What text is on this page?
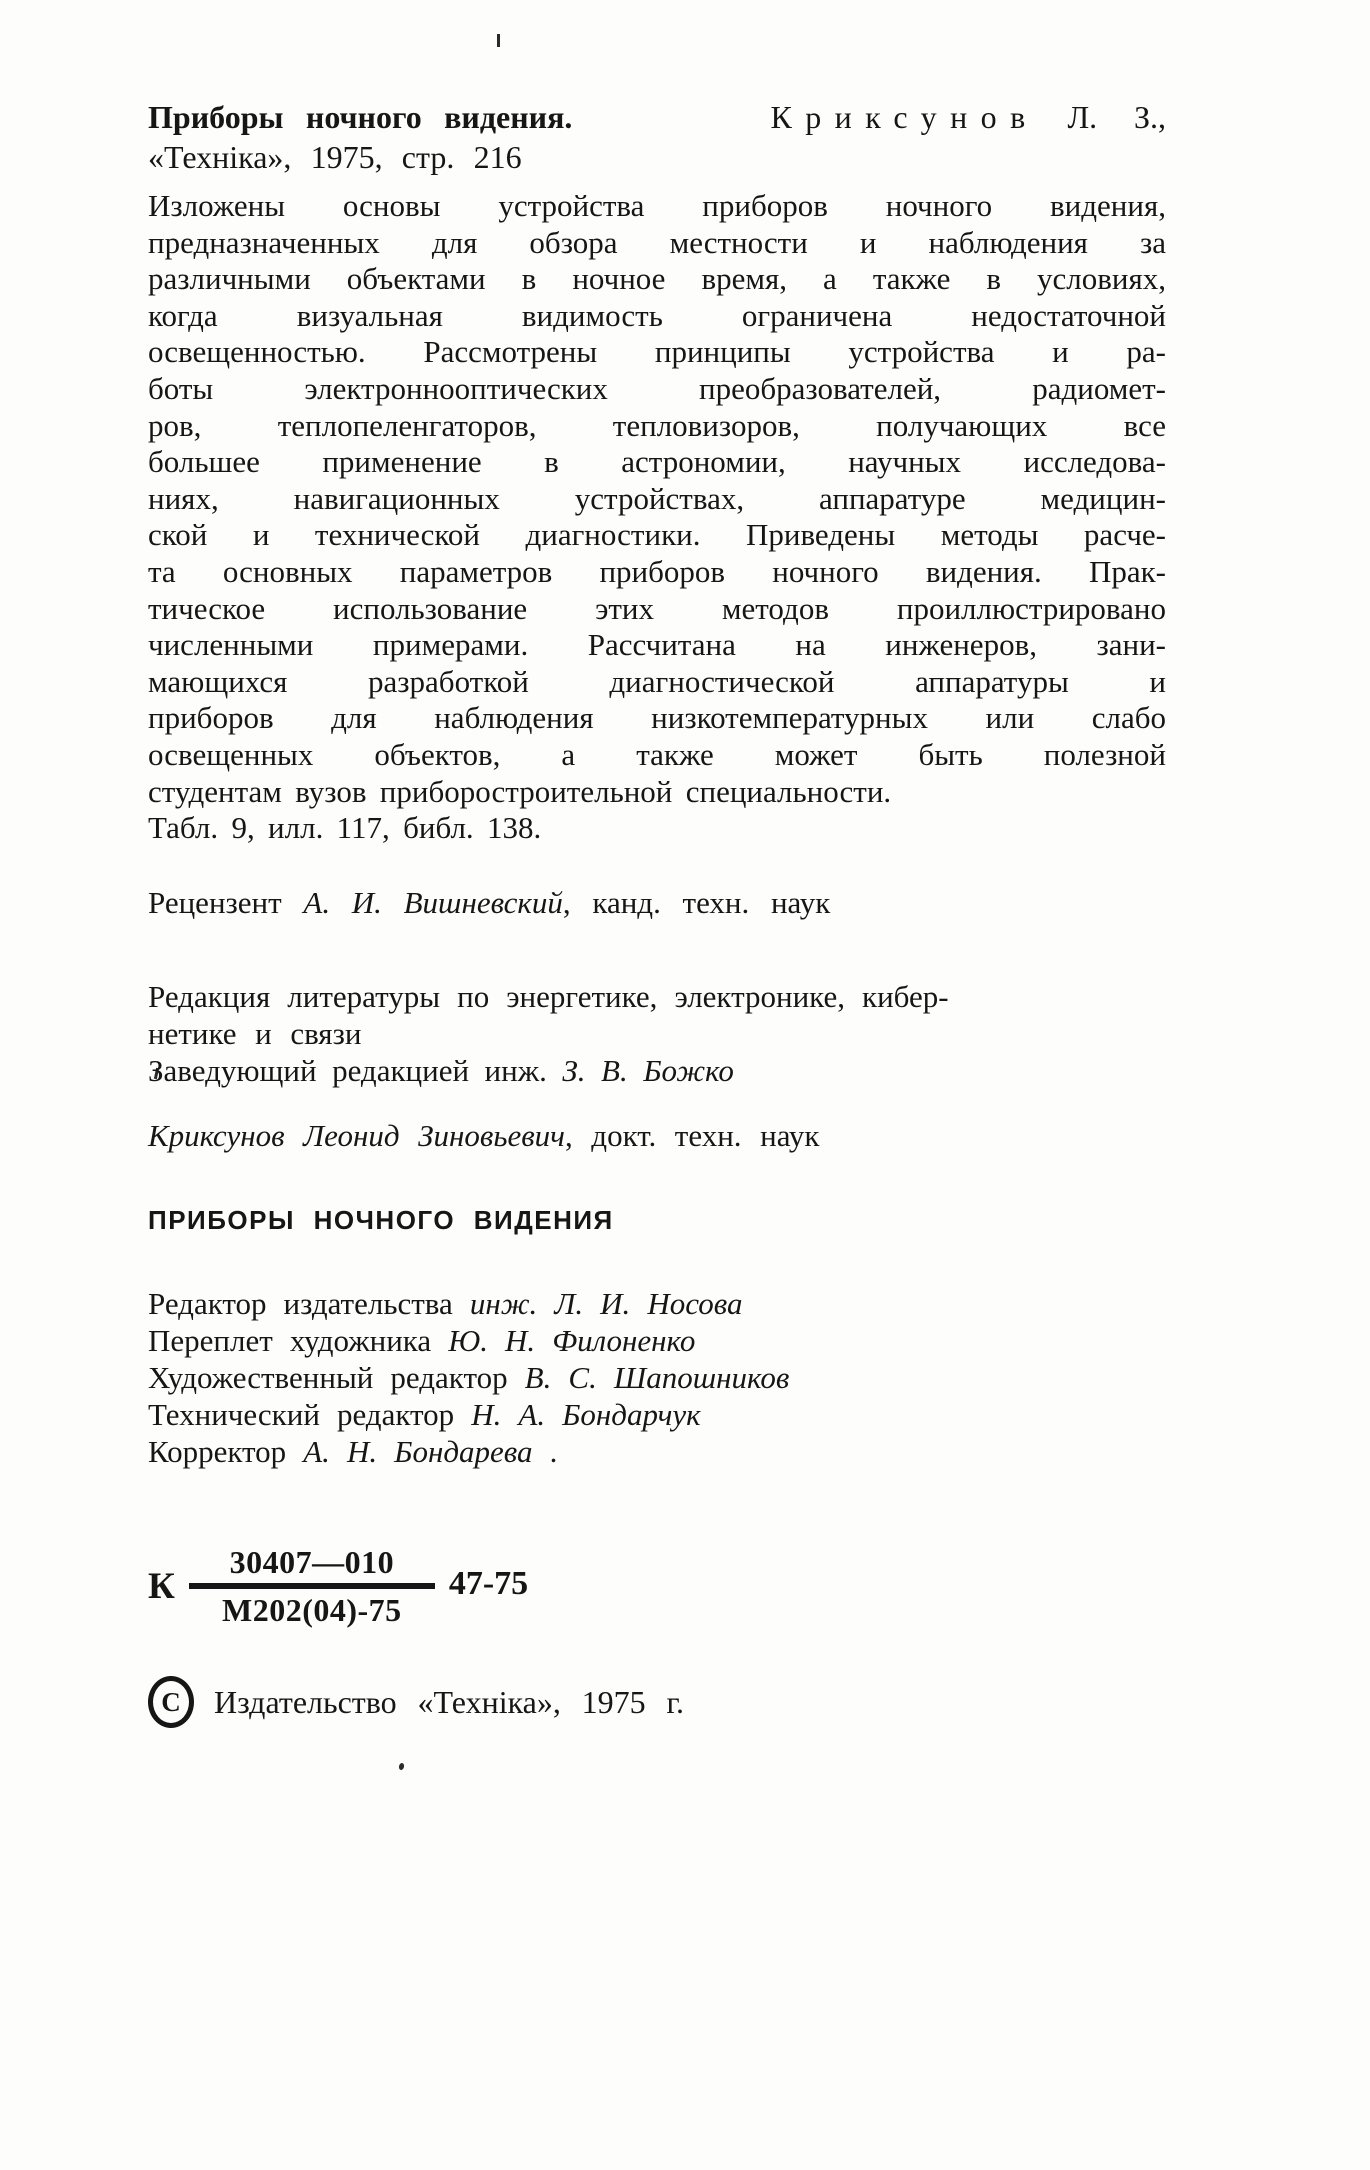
Приборы ночного видения.	Криксунов Л. З.,
«Техніка», 1975, стр. 216
Изложены основы устройства приборов ночного видения,
предназначенных для обзора местности и наблюдения за
различными объектами в ночное время, а также в условиях,
когда визуальная видимость ограничена недостаточной
освещенностью. Рассмотрены принципы устройства и ра-
боты электроннооптических преобразователей, радиомет-
ров, теплопеленгаторов, тепловизоров, получающих все
большее применение в астрономии, научных исследова-
ниях, навигационных устройствах, аппаратуре медицин-
ской и технической диагностики. Приведены методы расче-
та основных параметров приборов ночного видения. Прак-
тическое использование этих методов проиллюстрировано
численными примерами. Рассчитана на инженеров, зани-
мающихся разработкой диагностической аппаратуры и
приборов для наблюдения низкотемпературных или слабо
освещенных объектов, а также может быть полезной
студентам вузов приборостроительной специальности.
Табл. 9, илл. 117, библ. 138.
Рецензент А. И. Вишневский, канд. техн. наук
Редакция литературы по энергетике, электронике, кибер-
нетике и связи
Заведующий редакцией инж. З. В. Божко
Криксунов Леонид Зиновьевич, докт. техн. наук
ПРИБОРЫ НОЧНОГО ВИДЕНИЯ
Редактор издательства инж. Л. И. Носова
Переплет художника Ю. Н. Филоненко
Художественный редактор В. С. Шапошников
Технический редактор Н. А. Бондарчук
Корректор А. Н. Бондарева .
К
30407—010
М202(04)-75
47-75
C	Издательство «Техніка», 1975 г.
